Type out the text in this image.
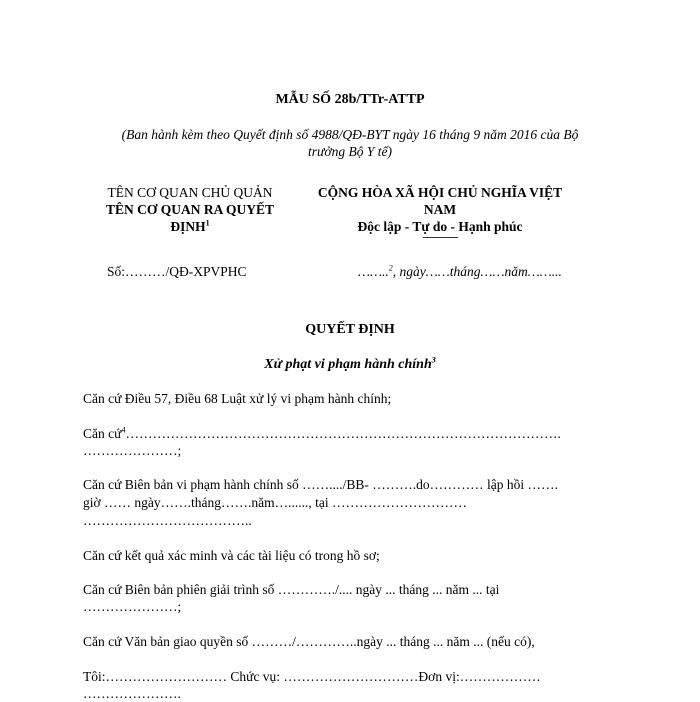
MẪU SỐ 28b/TTr-ATTP
(Ban hành kèm theo Quyết định số 4988/QĐ-BYT ngày 16 tháng 9 năm 2016 của Bộ
trưởng Bộ Y tế)
TÊN CƠ QUAN CHỦ QUẢN
TÊN CƠ QUAN RA QUYẾT
ĐỊNH$^1$
Số:………/QĐ-XPVPHC
CỘNG HÒA XÃ HỘI CHỦ NGHĨA VIỆT
NAM
Độc lập - Tự do - Hạnh phúc
---------------
……..$^2$, ngày……tháng……năm……...
QUYẾT ĐỊNH
Xử phạt vi phạm hành chính$^3$
Căn cứ Điều 57, Điều 68 Luật xử lý vi phạm hành chính;
Căn cứ$^4$…………………………………………………………………………………….
…………………;
Căn cứ Biên bản vi phạm hành chính số ……..../BB- ……….do………… lập hồi …….
giờ …… ngày…….tháng…….năm…......, tại …………………………
………………………………..
Căn cứ kết quả xác minh và các tài liệu có trong hồ sơ;
Căn cứ Biên bản phiên giải trình số …………./.... ngày ... tháng ... năm ... tại
…………………;
Căn cứ Văn bản giao quyền số ………/…………..ngày ... tháng ... năm ... (nếu có),
Tôi:……………………… Chức vụ: …………………………Đơn vị:………………
………………….
